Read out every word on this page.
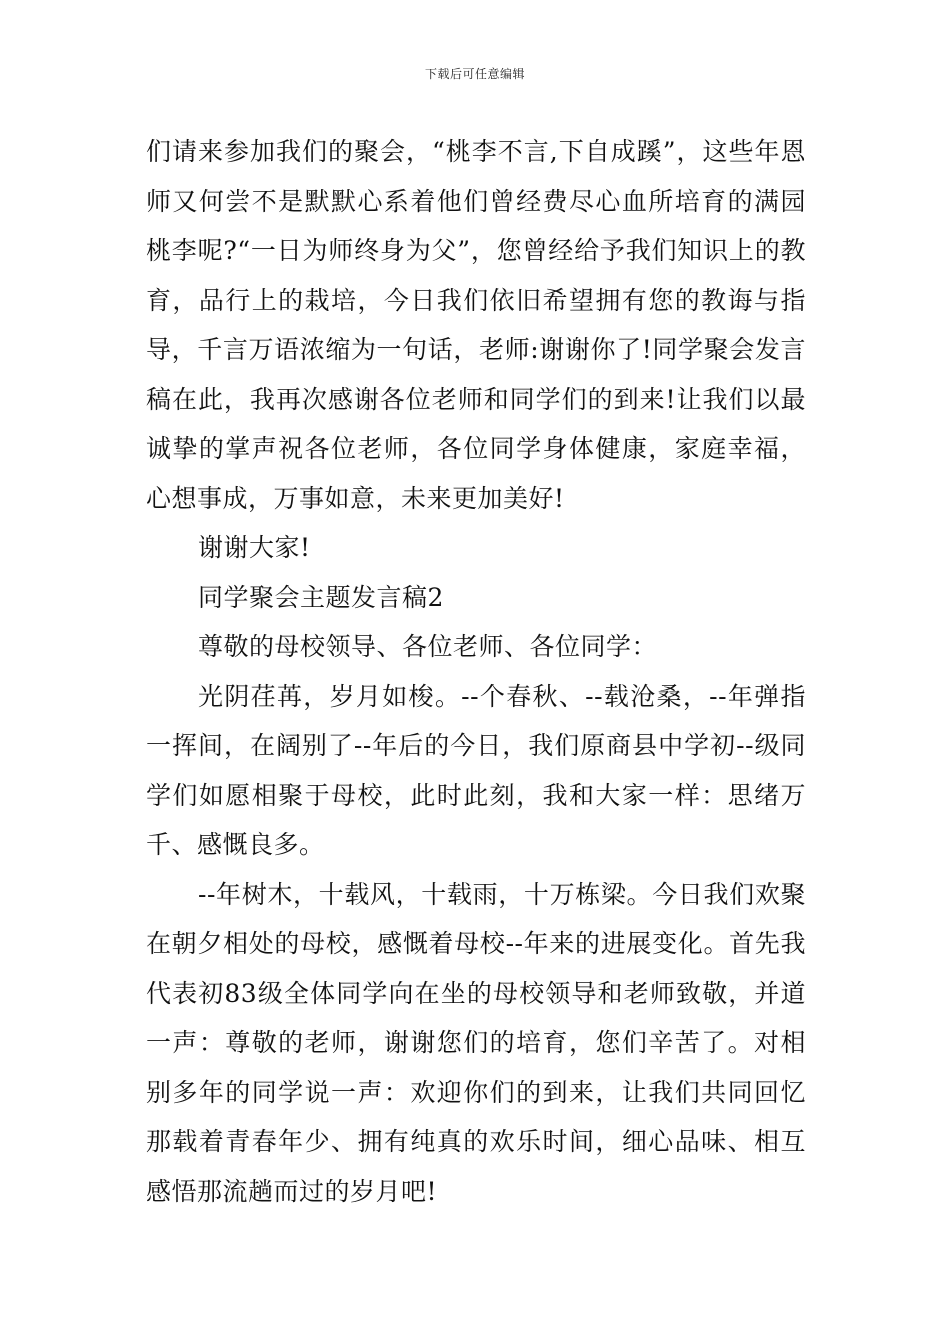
下载后可任意编辑

们请来参加我们的聚会，“桃李不言,下自成蹊”，这些年恩师又何尝不是默默心系着他们曾经费尽心血所培育的满园桃李呢?“一日为师终身为父”，您曾经给予我们知识上的教育，品行上的栽培，今日我们依旧希望拥有您的教诲与指导，千言万语浓缩为一句话，老师:谢谢你了!同学聚会发言稿在此，我再次感谢各位老师和同学们的到来!让我们以最诚挚的掌声祝各位老师，各位同学身体健康，家庭幸福，心想事成，万事如意，未来更加美好!

谢谢大家!

同学聚会主题发言稿2

尊敬的母校领导、各位老师、各位同学：

光阴荏苒，岁月如梭。--个春秋、--载沧桑，--年弹指一挥间，在阔别了--年后的今日，我们原商县中学初--级同学们如愿相聚于母校，此时此刻，我和大家一样：思绪万千、感慨良多。

--年树木，十载风，十载雨，十万栋梁。今日我们欢聚在朝夕相处的母校，感慨着母校--年来的进展变化。首先我代表初83级全体同学向在坐的母校领导和老师致敬，并道一声：尊敬的老师，谢谢您们的培育，您们辛苦了。对相别多年的同学说一声：欢迎你们的到来，让我们共同回忆那载着青春年少、拥有纯真的欢乐时间，细心品味、相互感悟那流趟而过的岁月吧!
